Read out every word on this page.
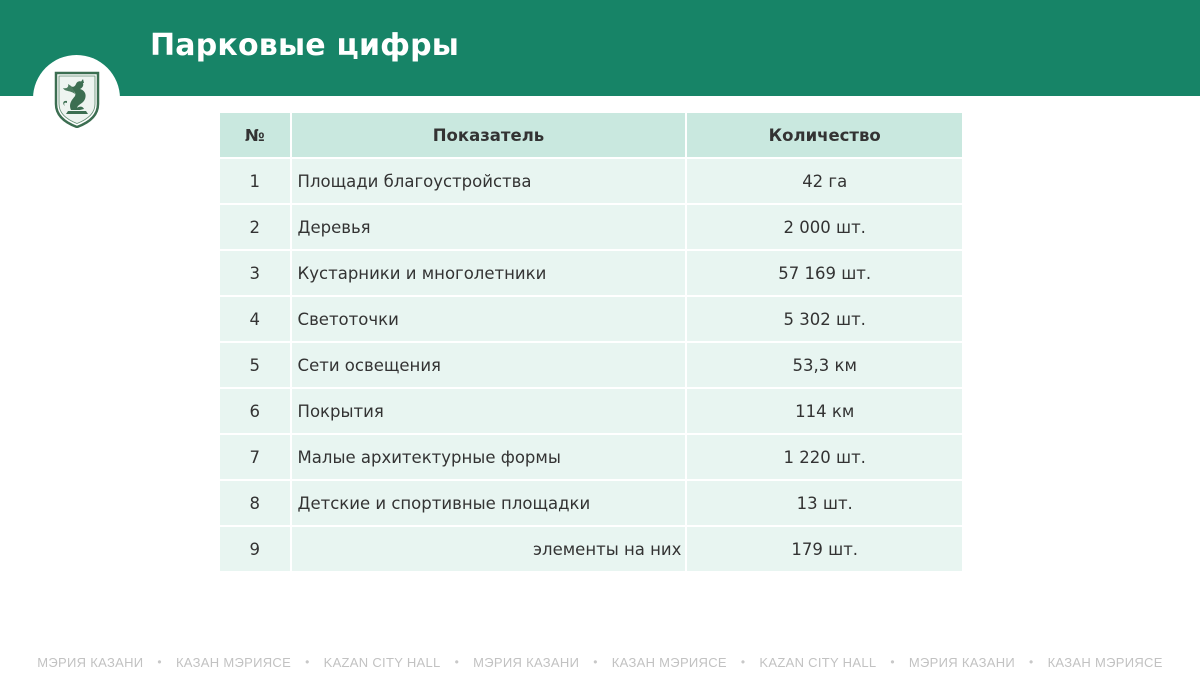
Парковые цифры
№	Показатель	Количество
1	Площади благоустройства	42 га
2	Деревья	2 000 шт.
3	Кустарники и многолетники	57 169 шт.
4	Светоточки	5 302 шт.
5	Сети освещения	53,3 км
6	Покрытия	114 км
7	Малые архитектурные формы	1 220 шт.
8	Детские и спортивные площадки	13 шт.
9	элементы на них	179 шт.
МЭРИЯ КАЗАНИ • КАЗАН МЭРИЯСЕ • KAZAN CITY HALL • МЭРИЯ КАЗАНИ • КАЗАН МЭРИЯСЕ • KAZAN CITY HALL • МЭРИЯ КАЗАНИ • КАЗАН МЭРИЯСЕ
